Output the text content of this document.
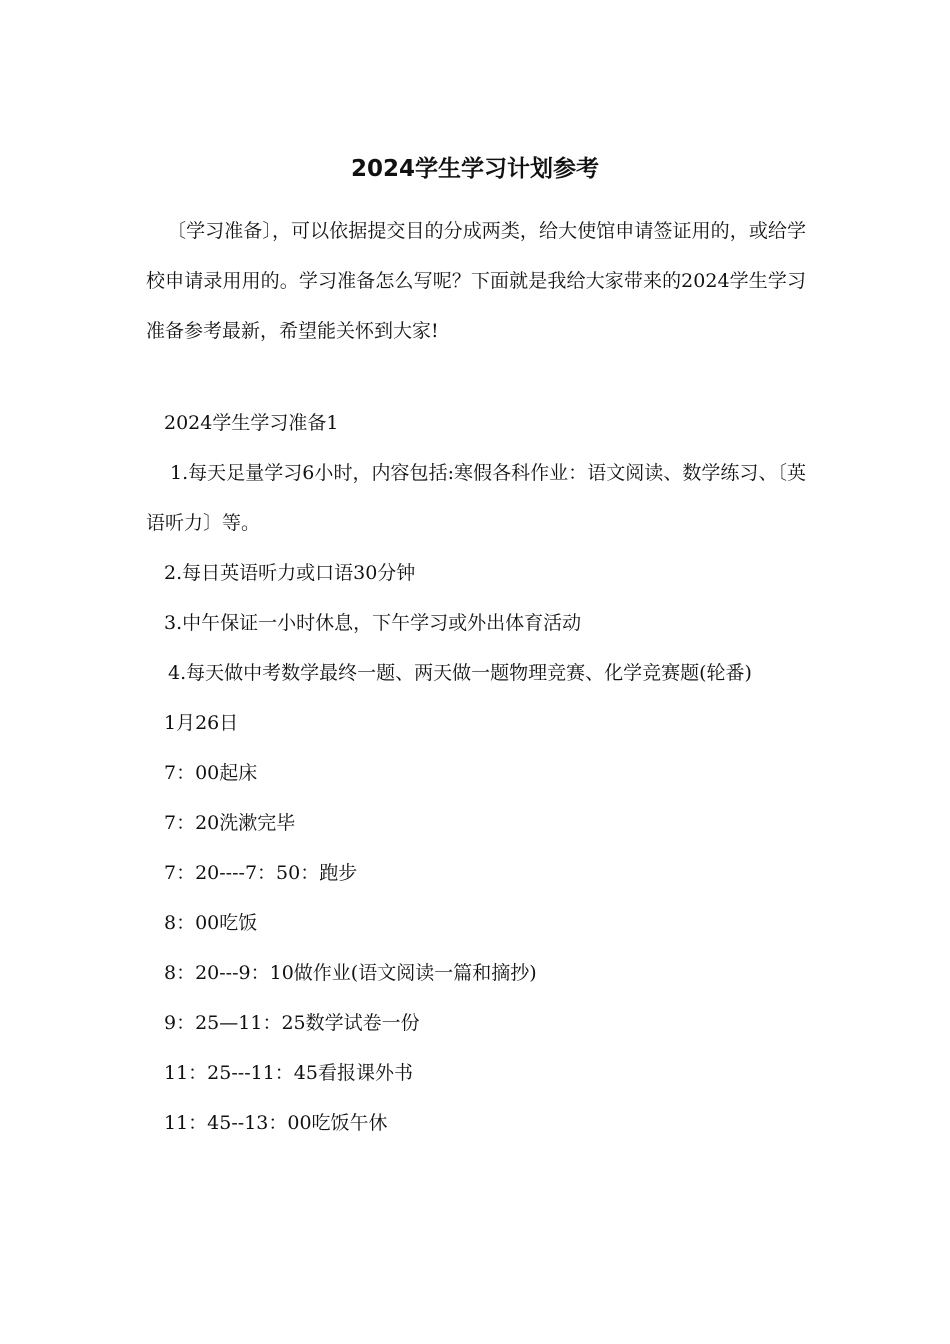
2024学生学习计划参考

〔学习准备〕，可以依据提交目的分成两类，给大使馆申请签证用的，或给学校申请录用用的。学习准备怎么写呢？下面就是我给大家带来的2024学生学习准备参考最新，希望能关怀到大家!

2024学生学习准备1

1.每天足量学习6小时，内容包括:寒假各科作业：语文阅读、数学练习、〔英语听力〕等。

2.每日英语听力或口语30分钟

3.中午保证一小时休息，下午学习或外出体育活动

4.每天做中考数学最终一题、两天做一题物理竞赛、化学竞赛题(轮番)

1月26日

7：00起床

7：20洗漱完毕

7：20----7：50：跑步

8：00吃饭

8：20---9：10做作业(语文阅读一篇和摘抄)

9：25—11：25数学试卷一份

11：25---11：45看报课外书

11：45--13：00吃饭午休
